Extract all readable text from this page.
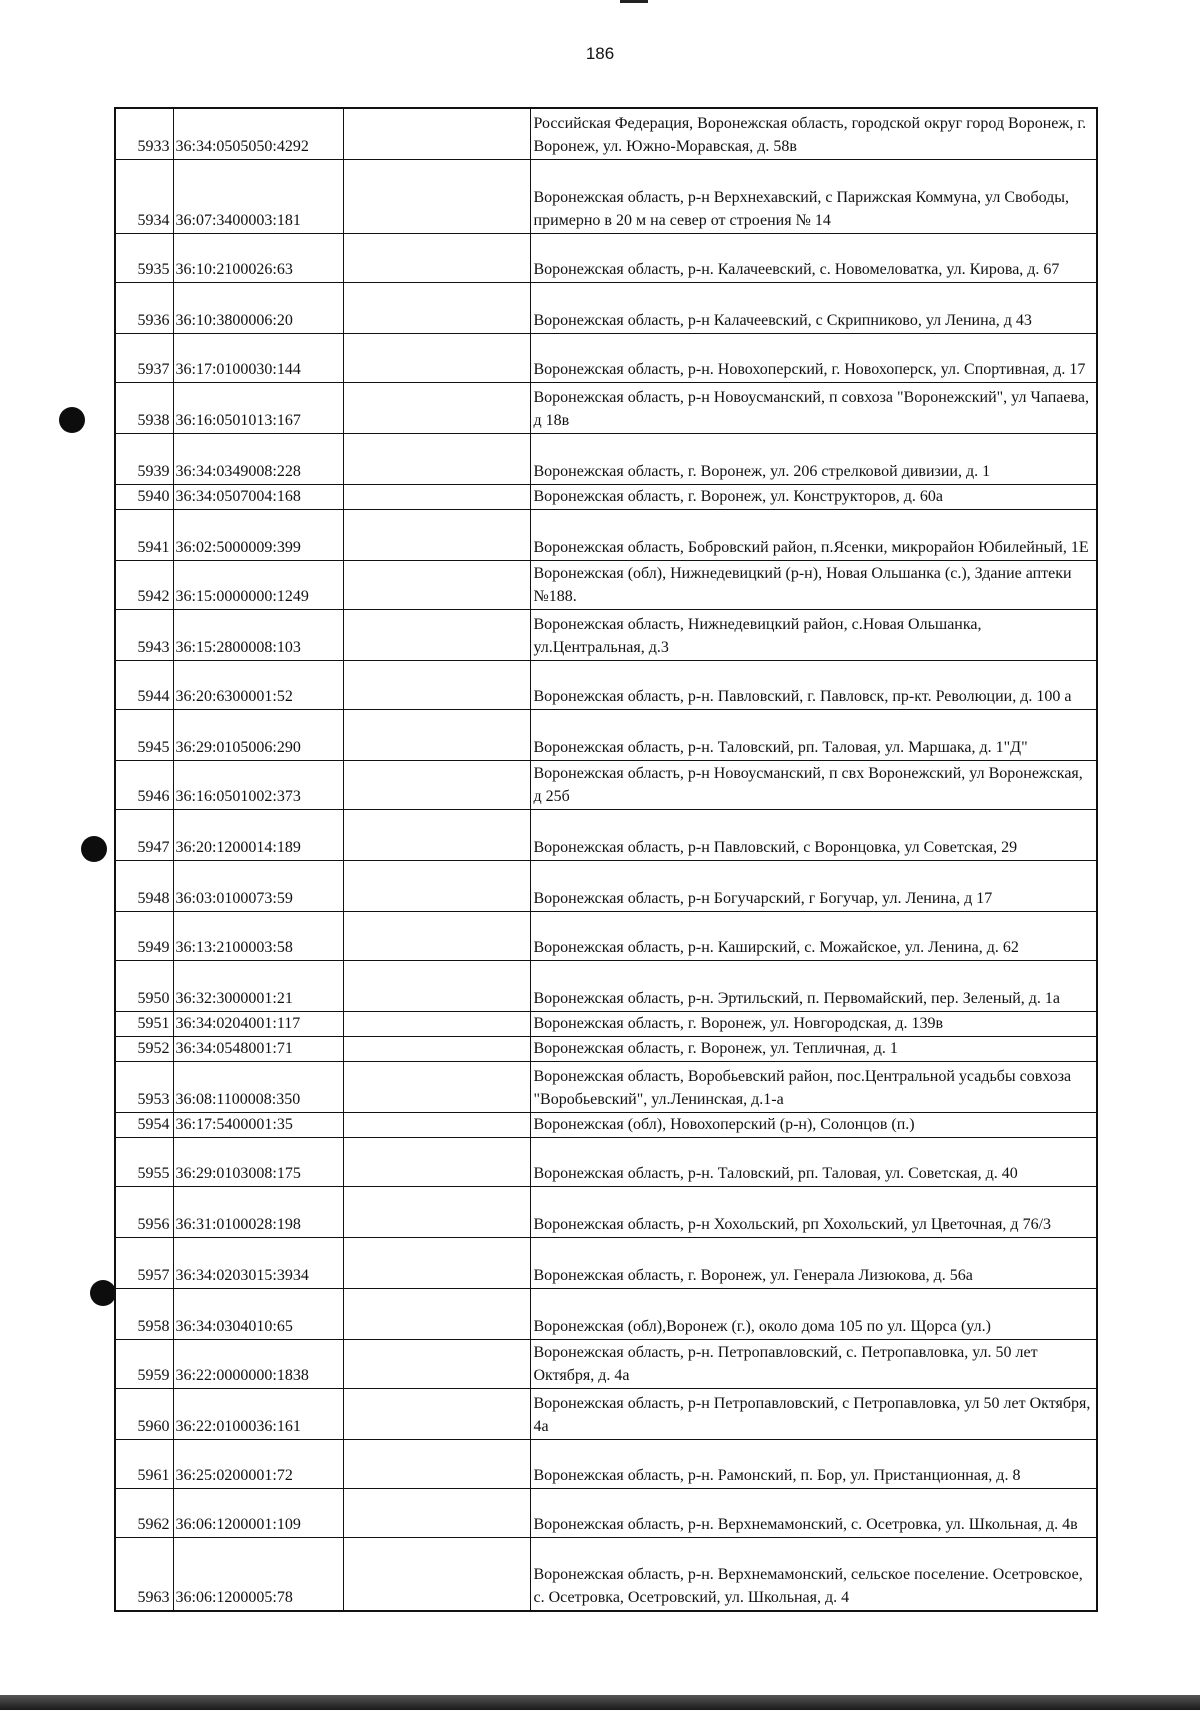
186
5933	36:34:0505050:4292		Российская Федерация, Воронежская область, городской округ город Воронеж, г. Воронеж, ул. Южно-Моравская, д. 58в
5934	36:07:3400003:181		Воронежская область, р-н Верхнехавский, с Парижская Коммуна, ул Свободы, примерно в 20 м на север от строения № 14
5935	36:10:2100026:63		Воронежская область, р-н. Калачеевский, с. Новомеловатка, ул. Кирова, д. 67
5936	36:10:3800006:20		Воронежская область, р-н Калачеевский, с Скрипниково, ул Ленина, д 43
5937	36:17:0100030:144		Воронежская область, р-н. Новохоперский, г. Новохоперск, ул. Спортивная, д. 17
5938	36:16:0501013:167		Воронежская область, р-н Новоусманский, п совхоза "Воронежский", ул Чапаева, д 18в
5939	36:34:0349008:228		Воронежская область, г. Воронеж, ул. 206 стрелковой дивизии, д. 1
5940	36:34:0507004:168		Воронежская область, г. Воронеж, ул. Конструкторов, д. 60а
5941	36:02:5000009:399		Воронежская область, Бобровский район, п.Ясенки, микрорайон Юбилейный, 1Е
5942	36:15:0000000:1249		Воронежская (обл), Нижнедевицкий (р-н), Новая Ольшанка (с.), Здание аптеки №188.
5943	36:15:2800008:103		Воронежская область, Нижнедевицкий район, с.Новая Ольшанка, ул.Центральная, д.3
5944	36:20:6300001:52		Воронежская область, р-н. Павловский, г. Павловск, пр-кт. Революции, д. 100 а
5945	36:29:0105006:290		Воронежская область, р-н. Таловский, рп. Таловая, ул. Маршака, д. 1"Д"
5946	36:16:0501002:373		Воронежская область, р-н Новоусманский, п свх Воронежский, ул Воронежская, д 25б
5947	36:20:1200014:189		Воронежская область, р-н Павловский, с Воронцовка, ул Советская, 29
5948	36:03:0100073:59		Воронежская область, р-н Богучарский, г Богучар, ул. Ленина, д 17
5949	36:13:2100003:58		Воронежская область, р-н. Каширский, с. Можайское, ул. Ленина, д. 62
5950	36:32:3000001:21		Воронежская область, р-н. Эртильский, п. Первомайский, пер. Зеленый, д. 1а
5951	36:34:0204001:117		Воронежская область, г. Воронеж, ул. Новгородская, д. 139в
5952	36:34:0548001:71		Воронежская область, г. Воронеж, ул. Тепличная, д. 1
5953	36:08:1100008:350		Воронежская область, Воробьевский район, пос.Центральной усадьбы совхоза "Воробьевский", ул.Ленинская, д.1-а
5954	36:17:5400001:35		Воронежская (обл), Новохоперский (р-н), Солонцов (п.)
5955	36:29:0103008:175		Воронежская область, р-н. Таловский, рп. Таловая, ул. Советская, д. 40
5956	36:31:0100028:198		Воронежская область, р-н Хохольский, рп Хохольский, ул Цветочная, д 76/3
5957	36:34:0203015:3934		Воронежская область, г. Воронеж, ул. Генерала Лизюкова, д. 56а
5958	36:34:0304010:65		Воронежская (обл),Воронеж (г.), около дома 105 по ул. Щорса (ул.)
5959	36:22:0000000:1838		Воронежская область, р-н. Петропавловский, с. Петропавловка, ул. 50 лет Октября, д. 4а
5960	36:22:0100036:161		Воронежская область, р-н Петропавловский, с Петропавловка, ул 50 лет Октября, 4а
5961	36:25:0200001:72		Воронежская область, р-н. Рамонский, п. Бор, ул. Пристанционная, д. 8
5962	36:06:1200001:109		Воронежская область, р-н. Верхнемамонский, с. Осетровка, ул. Школьная, д. 4в
5963	36:06:1200005:78		Воронежская область, р-н. Верхнемамонский, сельское поселение. Осетровское, с. Осетровка, Осетровский, ул. Школьная, д. 4
